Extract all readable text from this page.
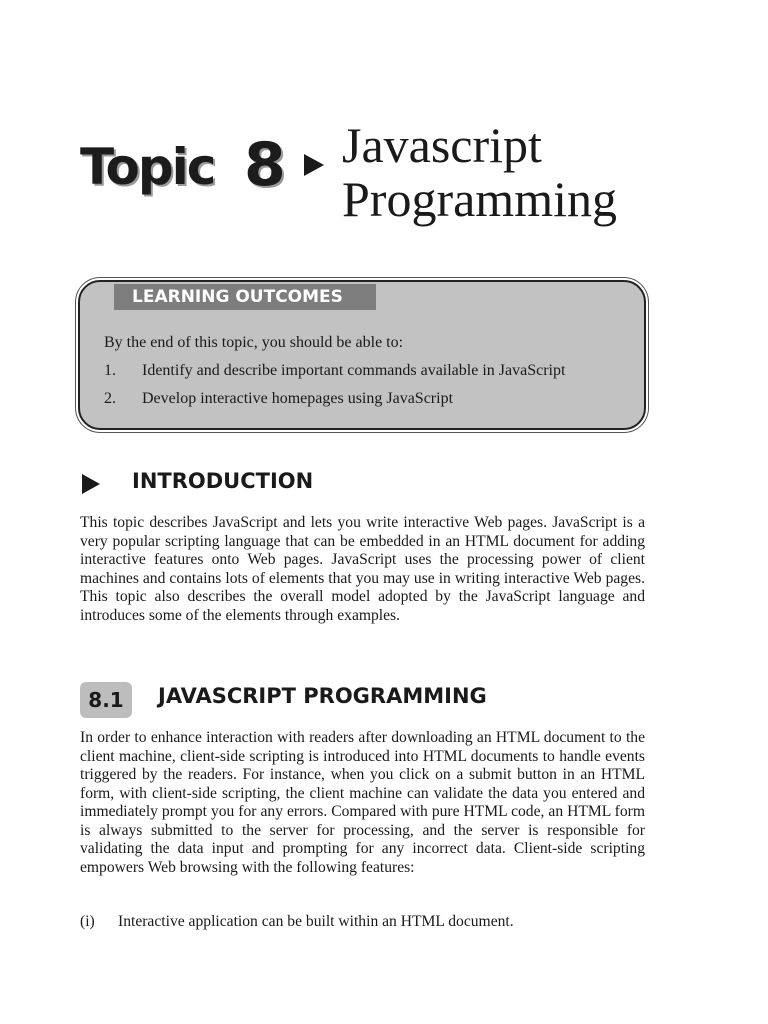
Topic 8 Javascript
Programming
LEARNING OUTCOMES
By the end of this topic, you should be able to:
1. Identify and describe important commands available in JavaScript
2. Develop interactive homepages using JavaScript
INTRODUCTION
This topic describes JavaScript and lets you write interactive Web pages. JavaScript is a very popular scripting language that can be embedded in an HTML document for adding interactive features onto Web pages. JavaScript uses the processing power of client machines and contains lots of elements that you may use in writing interactive Web pages. This topic also describes the overall model adopted by the JavaScript language and introduces some of the elements through examples.
8.1	JAVASCRIPT PROGRAMMING
In order to enhance interaction with readers after downloading an HTML document to the client machine, client-side scripting is introduced into HTML documents to handle events triggered by the readers. For instance, when you click on a submit button in an HTML form, with client-side scripting, the client machine can validate the data you entered and immediately prompt you for any errors. Compared with pure HTML code, an HTML form is always submitted to the server for processing, and the server is responsible for validating the data input and prompting for any incorrect data. Client-side scripting empowers Web browsing with the following features:
(i) Interactive application can be built within an HTML document.
